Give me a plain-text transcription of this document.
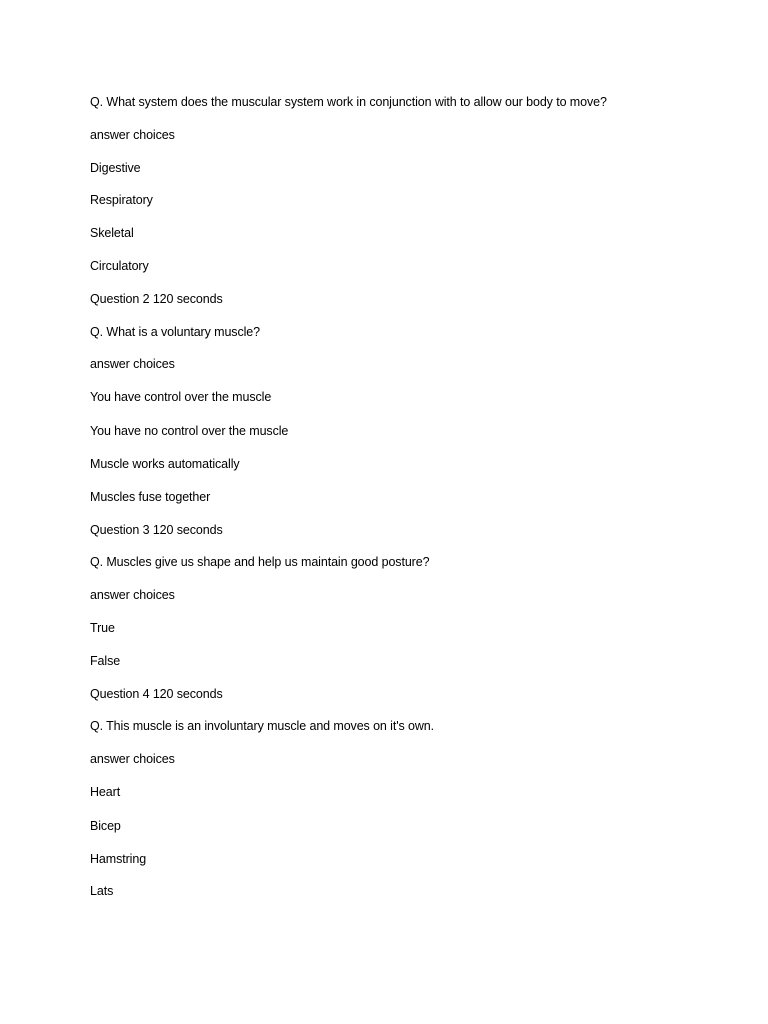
Q. What system does the muscular system work in conjunction with to allow our body to move?
answer choices
Digestive
Respiratory
Skeletal
Circulatory
Question 2 120 seconds
Q. What is a voluntary muscle?
answer choices
You have control over the muscle
You have no control over the muscle
Muscle works automatically
Muscles fuse together
Question 3 120 seconds
Q. Muscles give us shape and help us maintain good posture?
answer choices
True
False
Question 4 120 seconds
Q. This muscle is an involuntary muscle and moves on it's own.
answer choices
Heart
Bicep
Hamstring
Lats
